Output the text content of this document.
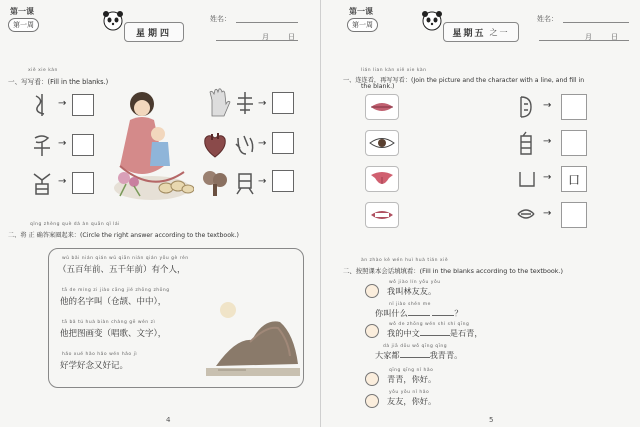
第一课
第一周
星期四
姓名：
月	日
xiě xie kàn
一、写写看：(Fill in the blanks.)
→
→
→
→
→
→
qǐng zhèng què dá àn quān qǐ lái
二、将 正 确答案圈起来：(Circle the right answer according to the textbook.)
wǔ bǎi nián qián wǔ qiān nián qián yǒu gè rén
（五百年前、五千年前）有个人，
tā de míng zi jiào cāng jié zhōng zhōng
他的名字叫（仓颉、中中），
tā bǎ tú huà biàn chàng gē wén zì
他把图画变（唱歌、文字），
hǎo xué hǎo hǎo wén hǎo jì
好学好念又好记。
4
第一课
第一周
星期五 之一
姓名：
月	日
lián lian kàn xiě xie kàn
一、连连看，再写写看：(Join the picture and the character with a line, and fill in
the blank.)
→
→
→	口
→
àn zhào kè wén huì huà tián xiě
二、按照课本会话填填看：(Fill in the blanks according to the textbook.)
wǒ jiào lín yǒu yǒu
我叫林友友。
nǐ jiào shén me
你叫什么	？
wǒ de zhōng wén shì shí qīng
我的中文	是石青，
dà jiā dōu wǒ qīng qīng
大家都	我青青。
qīng qīng nǐ hǎo
青青，你好。
yǒu yǒu nǐ hǎo
友友，你好。
5
